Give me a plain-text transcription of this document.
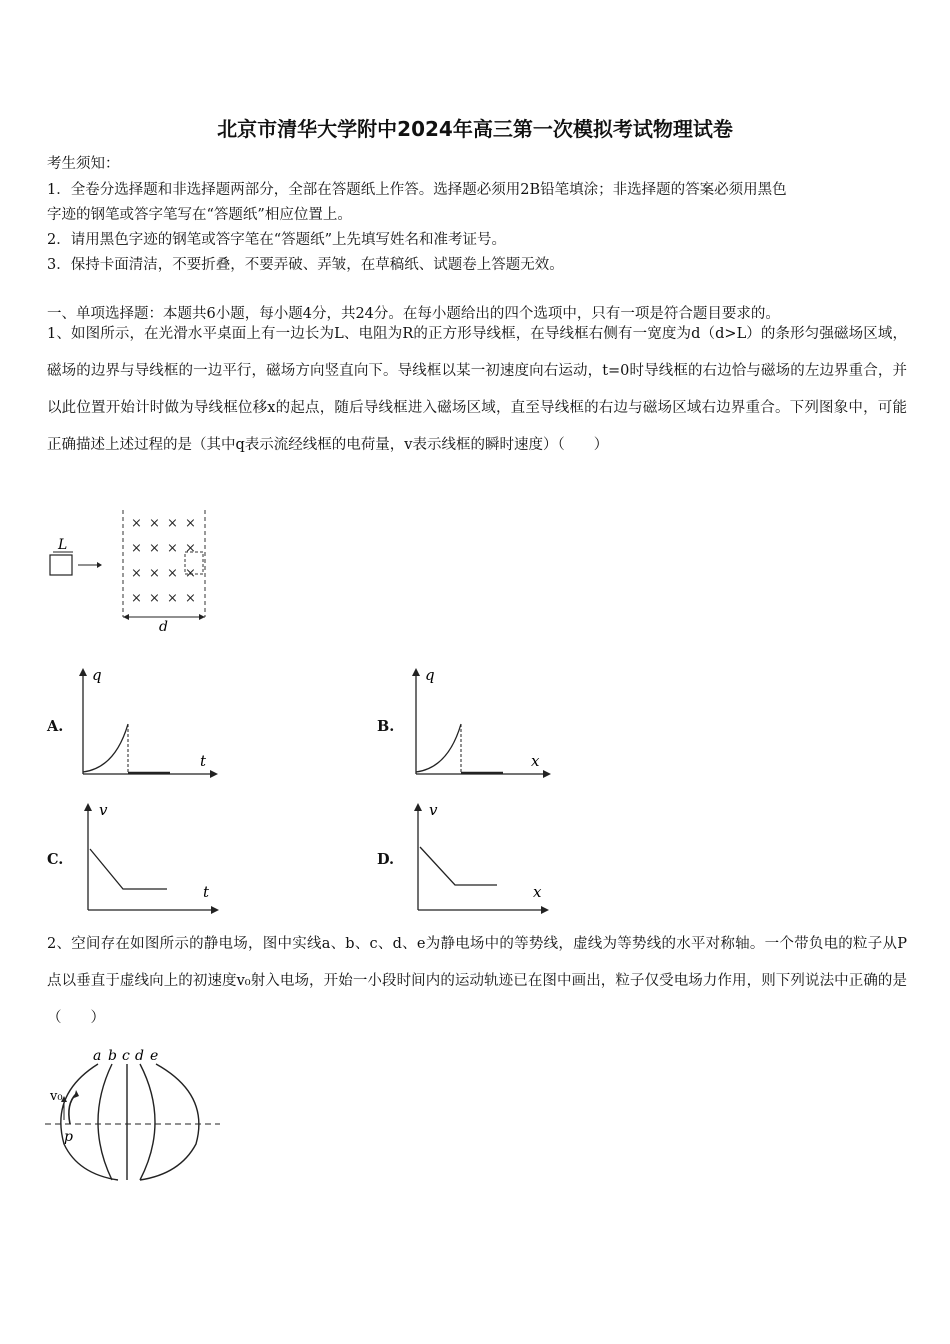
北京市清华大学附中2024年高三第一次模拟考试物理试卷
考生须知：
1．全卷分选择题和非选择题两部分，全部在答题纸上作答。选择题必须用2B铅笔填涂；非选择题的答案必须用黑色
字迹的钢笔或答字笔写在“答题纸”相应位置上。
2．请用黑色字迹的钢笔或答字笔在“答题纸”上先填写姓名和准考证号。
3．保持卡面清洁，不要折叠，不要弄破、弄皱，在草稿纸、试题卷上答题无效。
一、单项选择题：本题共6小题，每小题4分，共24分。在每小题给出的四个选项中，只有一项是符合题目要求的。
1、如图所示，在光滑水平桌面上有一边长为L、电阻为R的正方形导线框，在导线框右侧有一宽度为d（d>L）的条形匀强磁场区域，磁场的边界与导线框的一边平行，磁场方向竖直向下。导线框以某一初速度向右运动，t=0时导线框的右边恰与磁场的左边界重合，并以此位置开始计时做为导线框位移x的起点，随后导线框进入磁场区域，直至导线框的右边与磁场区域右边界重合。下列图象中，可能正确描述上述过程的是（其中q表示流经线框的电荷量，v表示线框的瞬时速度）（　　）
L
× × × ×
× × × ×
× × × ×
× × × ×
d
A.
q
t
B.
q
x
C.
v
t
D.
v
x
2、空间存在如图所示的静电场，图中实线a、b、c、d、e为静电场中的等势线，虚线为等势线的水平对称轴。一个带负电的粒子从P点以垂直于虚线向上的初速度v₀射入电场，开始一小段时间内的运动轨迹已在图中画出，粒子仅受电场力作用，则下列说法中正确的是（　　）
a b c d e
v₀
p
